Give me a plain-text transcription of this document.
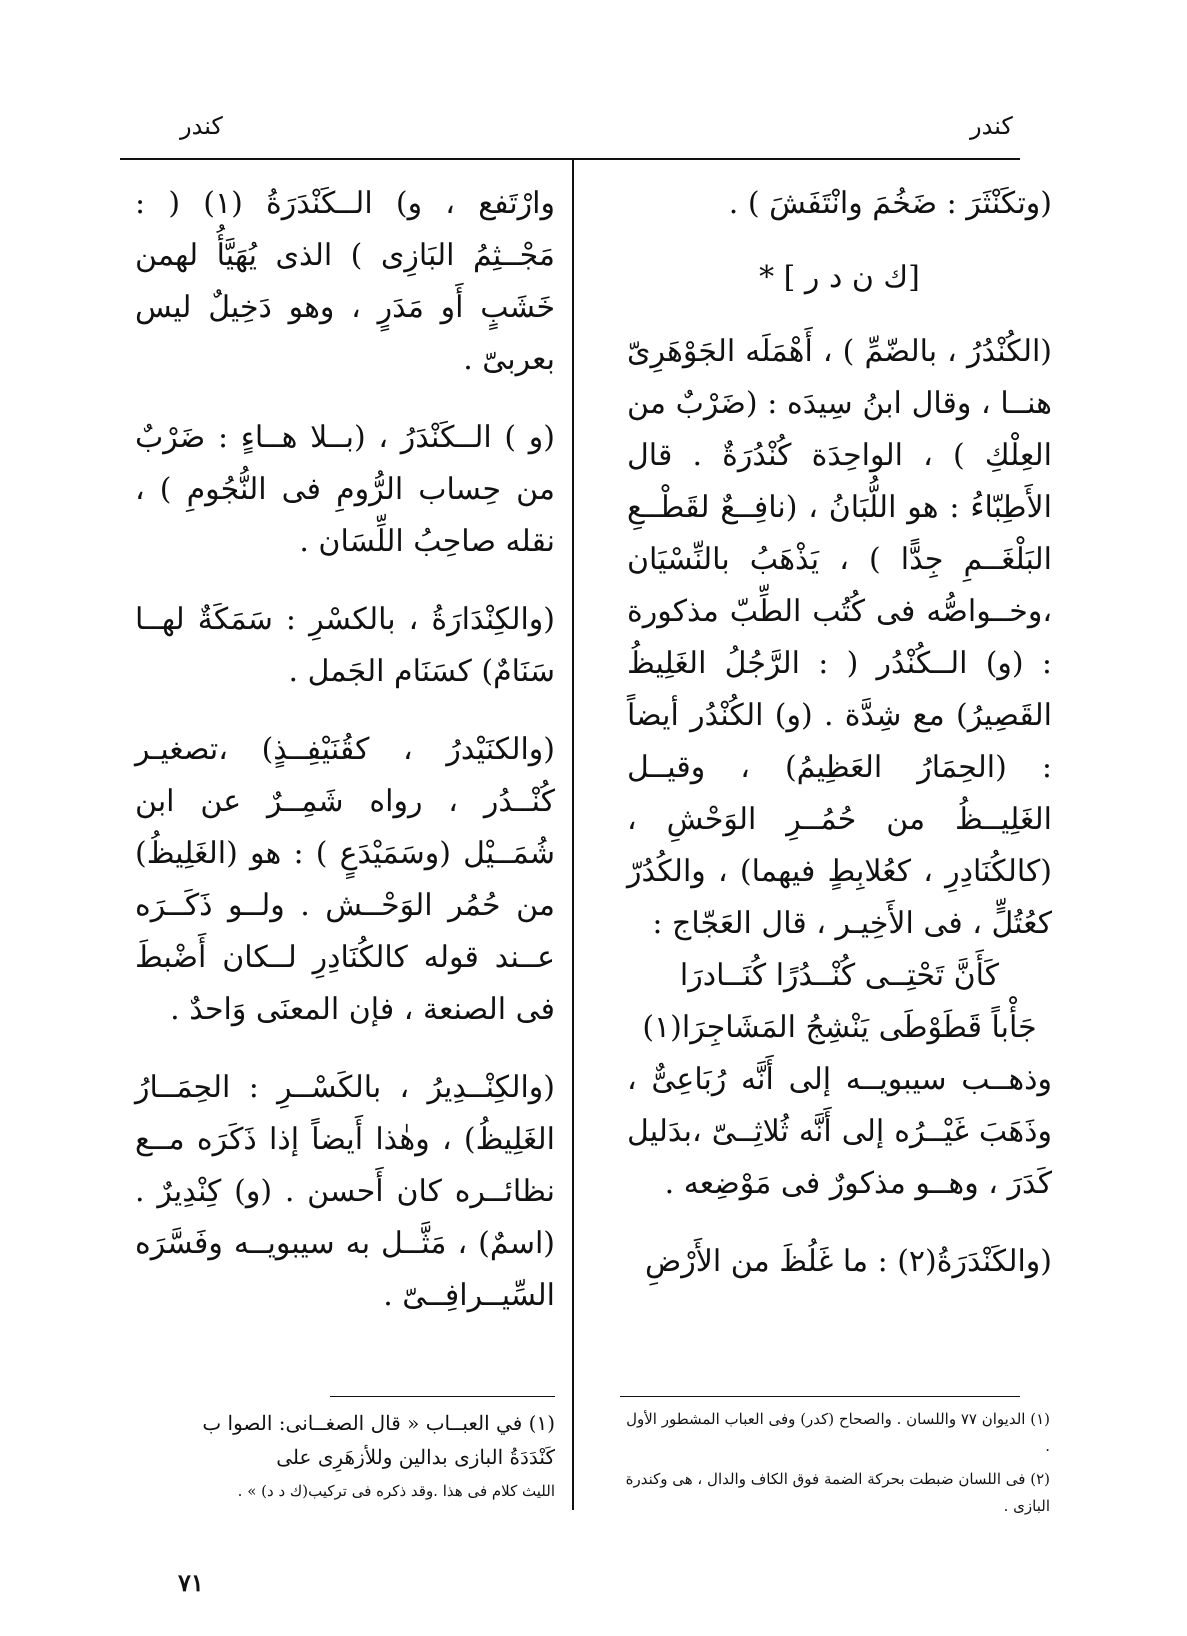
كندر	كندر

(وتكَنْثَرَ : ضَخُمَ وانْتَفَشَ ) .

[ك ن د ر ] *

(الكُنْدُرُ ، بالضّمِّ ) ، أَهْمَلَه الجَوْهَرِىّ هنــا ، وقال ابنُ سِيدَه : (ضَرْبٌ من العِلْكِ ) ، الواحِدَة كُنْدُرَةٌ . قال الأَطِبّاءُ : هو اللُّبَانُ ، (نافِــعٌ لقَطْــعِ البَلْغَــمِ جِدًّا ) ، يَذْهَبُ بالنِّسْيَان ،وخــواصُّه فى كُتُب الطِّبّ مذكورة : (و) الــكُنْدُر ( : الرَّجُلُ الغَلِيظُ القَصِيرُ) مع شِدَّة . (و) الكُنْدُر أيضاً : (الحِمَارُ العَظِيمُ) ، وقيــل الغَلِيــظُ من حُمُــرِ الوَحْشِ ، (كالكُنَادِرِ ، كعُلابِطٍ فيهما) ، والكُدُرّ كعُتُلٍّ ، فى الأَخِيـر ، قال العَجّاج :

كَأَنَّ تَحْتِــى كُنْــدُرًا كُنَــادرَا
جَأْباً قَطَوْطَى يَنْشِجُ المَشَاجِرَا(١)

وذهــب سيبويــه إلى أَنَّه رُبَاعِىٌّ ، وذَهَبَ غَيْــرُه إلى أَنَّه ثُلاثِــىّ ،بدَليل كَدَرَ ، وهــو مذكورٌ فى مَوْضِعه .

(والكَنْدَرَةُ(٢) : ما غَلُظَ من الأَرْضِ

وارْتَفع ، و) الــكَنْدَرَةُ (١) ( : مَجْــثِمُ البَازِى ) الذى يُهَيَّأُ لهمن خَشَبٍ أَو مَدَرٍ ، وهو دَخِيلٌ ليس بعربىّ .

(و ) الــكَنْدَرُ ، (بــلا هــاءٍ : ضَرْبٌ من حِساب الرُّومِ فى النُّجُومِ ) ، نقله صاحِبُ اللِّسَان .

(والكِنْدَارَةُ ، بالكسْرِ : سَمَكَةٌ لهــا سَنَامٌ) كسَنَام الجَمل .

(والكنَيْدرُ ، كقُنَيْفِــذٍ) ،تصغيـر كُنْــدُر ، رواه شَمِــرٌ عن ابن شُمَــيْل (وسَمَيْدَعٍ ) : هو (الغَلِيظُ) من حُمُر الوَحْــش . ولــو ذَكَــرَه عــند قوله كالكُنَادِرِ لــكان أَضْبطَ فى الصنعة ، فإن المعنَى وَاحدٌ .

(والكِنْــدِيرُ ، بالكَسْــرِ : الحِمَــارُ الغَلِيظُ) ، وهٰذا أَيضاً إذا ذَكَرَه مــع نظائــره كان أَحسن . (و) كِنْدِيرٌ . (اسمٌ) ، مَثَّــل به سيبويــه وفَسَّرَه السِّيــرافِــىّ .

(١) الديوان ٧٧ واللسان . والصحاح (كدر) وفى العباب المشطور الأول .

(٢) فى اللسان ضبطت بحركة الضمة فوق الكاف والدال ، هى وكندرة البازى .

(١) في العبــاب « قال الصغــانى: الصوا ب

كَنْدَدَةُ البازى بدالين وللأزهَرِى على

الليث كلام فى هذا .وقد ذكره فى تركيب(ك د د) » .

٧١
